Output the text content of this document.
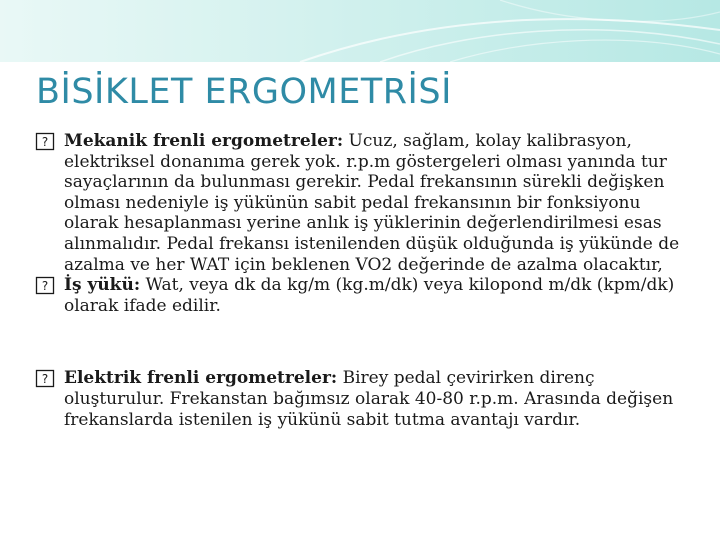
BİSİKLET ERGOMETRİSİ

? Mekanik frenli ergometreler: Ucuz, sağlam, kolay kalibrasyon, elektriksel donanıma gerek yok. r.p.m göstergeleri olması yanında tur sayaçlarının da bulunması gerekir. Pedal frekansının sürekli değişken olması nedeniyle iş yükünün sabit pedal frekansının bir fonksiyonu olarak hesaplanması yerine anlık iş yüklerinin değerlendirilmesi esas alınmalıdır. Pedal frekansı istenilenden düşük olduğunda iş yükünde de azalma ve her WAT için beklenen VO2 değerinde de azalma olacaktır,

? İş yükü: Wat, veya dk da kg/m (kg.m/dk) veya kilopond m/dk (kpm/dk) olarak ifade edilir.

? Elektrik frenli ergometreler: Birey pedal çevirirken direnç oluşturulur. Frekanstan bağımsız olarak 40-80 r.p.m. Arasında değişen frekanslarda istenilen iş yükünü sabit tutma avantajı vardır.
